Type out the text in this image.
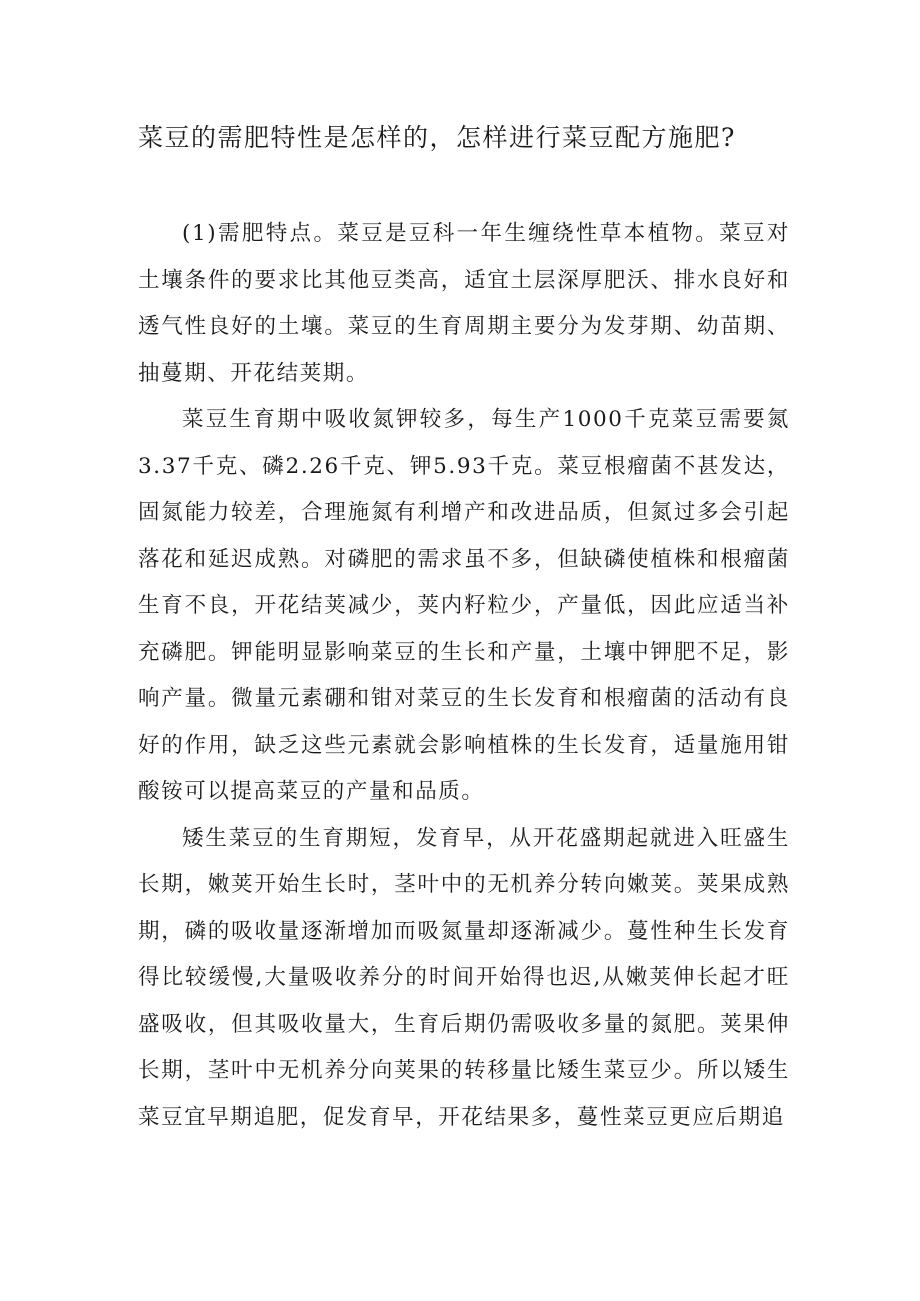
菜豆的需肥特性是怎样的，怎样进行菜豆配方施肥?

(1)需肥特点。菜豆是豆科一年生缠绕性草本植物。菜豆对土壤条件的要求比其他豆类高，适宜土层深厚肥沃、排水良好和透气性良好的土壤。菜豆的生育周期主要分为发芽期、幼苗期、抽蔓期、开花结荚期。

菜豆生育期中吸收氮钾较多，每生产1000千克菜豆需要氮3.37千克、磷2.26千克、钾5.93千克。菜豆根瘤菌不甚发达，固氮能力较差，合理施氮有利增产和改进品质，但氮过多会引起落花和延迟成熟。对磷肥的需求虽不多，但缺磷使植株和根瘤菌生育不良，开花结荚减少，荚内籽粒少，产量低，因此应适当补充磷肥。钾能明显影响菜豆的生长和产量，土壤中钾肥不足，影响产量。微量元素硼和钳对菜豆的生长发育和根瘤菌的活动有良好的作用，缺乏这些元素就会影响植株的生长发育，适量施用钳酸铵可以提高菜豆的产量和品质。

矮生菜豆的生育期短，发育早，从开花盛期起就进入旺盛生长期，嫩荚开始生长时，茎叶中的无机养分转向嫩荚。荚果成熟期，磷的吸收量逐渐增加而吸氮量却逐渐减少。蔓性种生长发育得比较缓慢,大量吸收养分的时间开始得也迟,从嫩荚伸长起才旺盛吸收，但其吸收量大，生育后期仍需吸收多量的氮肥。荚果伸长期，茎叶中无机养分向荚果的转移量比矮生菜豆少。所以矮生菜豆宜早期追肥，促发育早，开花结果多，蔓性菜豆更应后期追
